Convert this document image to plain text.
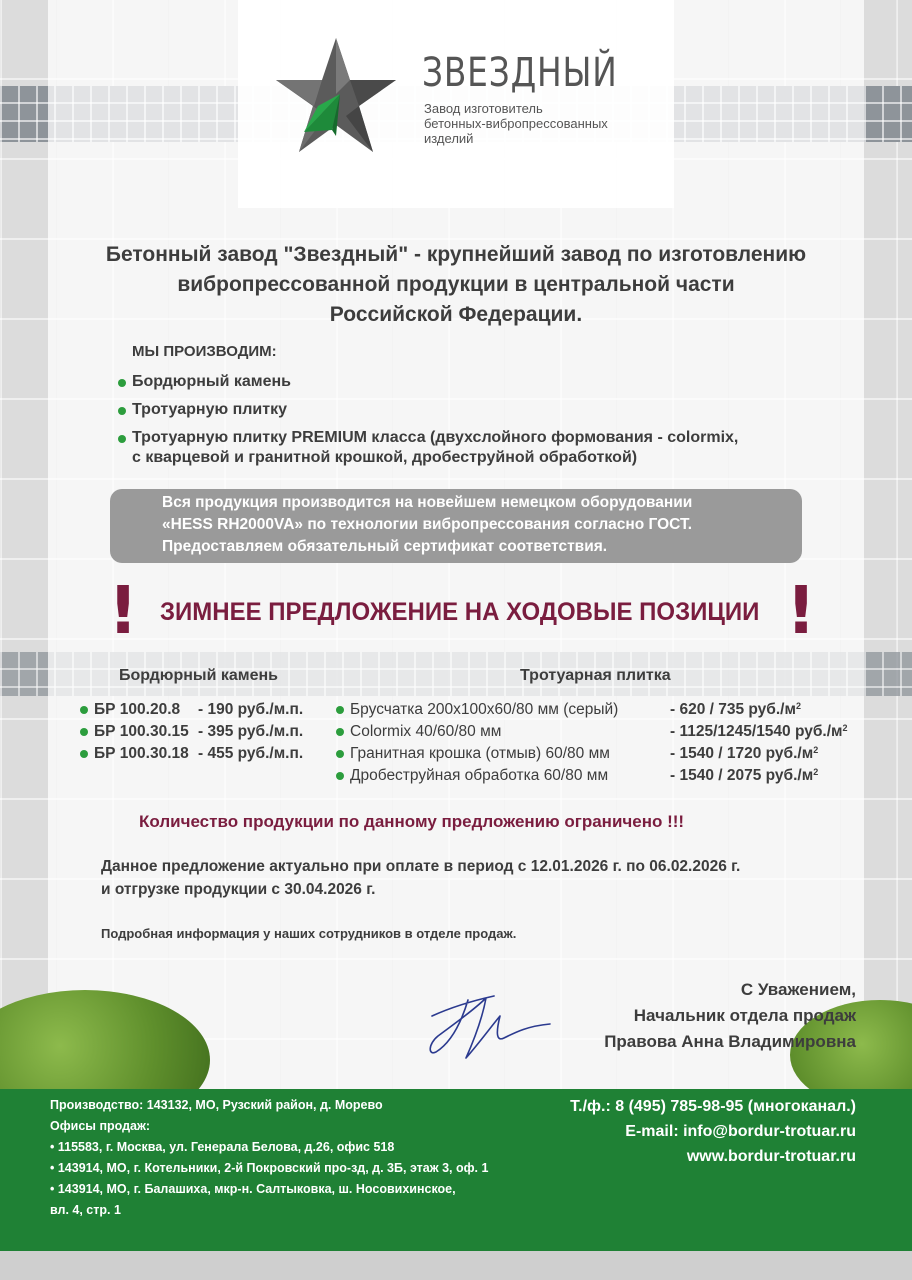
ЗВЕЗДНЫЙ
Завод изготовитель
бетонных-вибропрессованных
изделий
Бетонный завод "Звездный" - крупнейший завод по изготовлению
вибропрессованной продукции в центральной части
Российской Федерации.
МЫ ПРОИЗВОДИМ:
Бордюрный камень
Тротуарную плитку
Тротуарную плитку PREMIUM класса (двухслойного формования - colormix,
с кварцевой и гранитной крошкой, дробеструйной обработкой)
Вся продукция производится на новейшем немецком оборудовании
«HESS RH2000VA» по технологии вибропрессования согласно ГОСТ.
Предоставляем обязательный сертификат соответствия.
! ЗИМНЕЕ ПРЕДЛОЖЕНИЕ НА ХОДОВЫЕ ПОЗИЦИИ !
Бордюрный камень
БР 100.20.8	- 190 руб./м.п.
БР 100.30.15 - 395 руб./м.п.
БР 100.30.18 - 455 руб./м.п.
Тротуарная плитка
Брусчатка 200х100х60/80 мм (серый)	- 620 / 735 $руб./м^2$
Colormix 40/60/80 мм	- 1125/1245/1540 $руб./м^2$
Гранитная крошка (отмыв) 60/80 мм	- 1540 / 1720 $руб./м^2$
Дробеструйная обработка 60/80 мм	- 1540 / 2075 $руб./м^2$
Количество продукции по данному предложению ограничено !!!
Данное предложение актуально при оплате в период с 12.01.2026 г. по 06.02.2026 г.
и отгрузке продукции с 30.04.2026 г.
Подробная информация у наших сотрудников в отделе продаж.
С Уважением,
Начальник отдела продаж
Правова Анна Владимировна
Производство: 143132, МО, Рузский район, д. Морево
Офисы продаж:
• 115583, г. Москва, ул. Генерала Белова, д.26, офис 518
• 143914, МО, г. Котельники, 2-й Покровский про-зд, д. 3Б, этаж 3, оф. 1
• 143914, МО, г. Балашиха, мкр-н. Салтыковка, ш. Носовихинское,
вл. 4, стр. 1
Т./ф.: 8 (495) 785-98-95 (многоканал.)
E-mail: info@bordur-trotuar.ru
www.bordur-trotuar.ru
